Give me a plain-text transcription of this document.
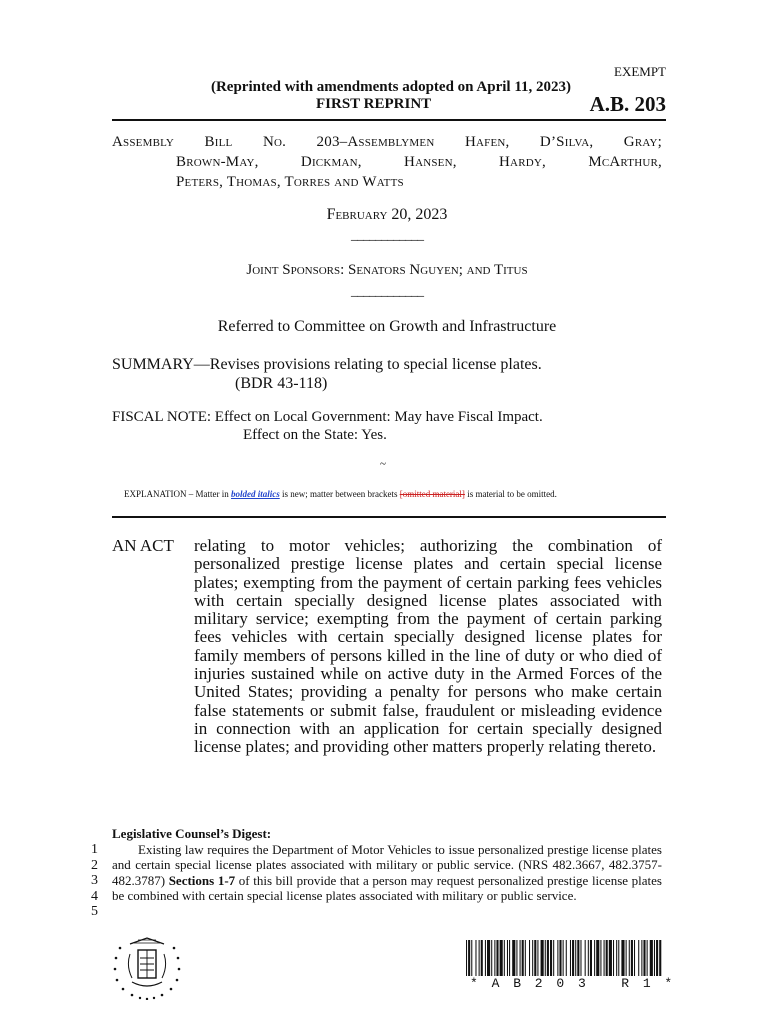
EXEMPT
(Reprinted with amendments adopted on April 11, 2023)
FIRST REPRINT	A.B. 203
Assembly Bill No. 203–Assemblymen Hafen, D’Silva, Gray;
Brown-May, Dickman, Hansen, Hardy, McArthur,
Peters, Thomas, Torres and Watts
February 20, 2023
____________
Joint Sponsors: Senators Nguyen; and Titus
____________
Referred to Committee on Growth and Infrastructure
SUMMARY—Revises provisions relating to special license plates.
(BDR 43-118)
FISCAL NOTE: Effect on Local Government: May have Fiscal Impact.
Effect on the State: Yes.
~
EXPLANATION – Matter in bolded italics is new; matter between brackets [omitted material] is material to be omitted.
AN ACT relating to motor vehicles; authorizing the combination of personalized prestige license plates and certain special license plates; exempting from the payment of certain parking fees vehicles with certain specially designed license plates associated with military service; exempting from the payment of certain parking fees vehicles with certain specially designed license plates for family members of persons killed in the line of duty or who died of injuries sustained while on active duty in the Armed Forces of the United States; providing a penalty for persons who make certain false statements or submit false, fraudulent or misleading evidence in connection with an application for certain specially designed license plates; and providing other matters properly relating thereto.
1
2
3
4
5
Legislative Counsel’s Digest:

Existing law requires the Department of Motor Vehicles to issue personalized prestige license plates and certain special license plates associated with military or public service. (NRS 482.3667, 482.3757-482.3787) Sections 1-7 of this bill provide that a person may request personalized prestige license plates be combined with certain special license plates associated with military or public service.

* A B 2 0 3   R 1 *
